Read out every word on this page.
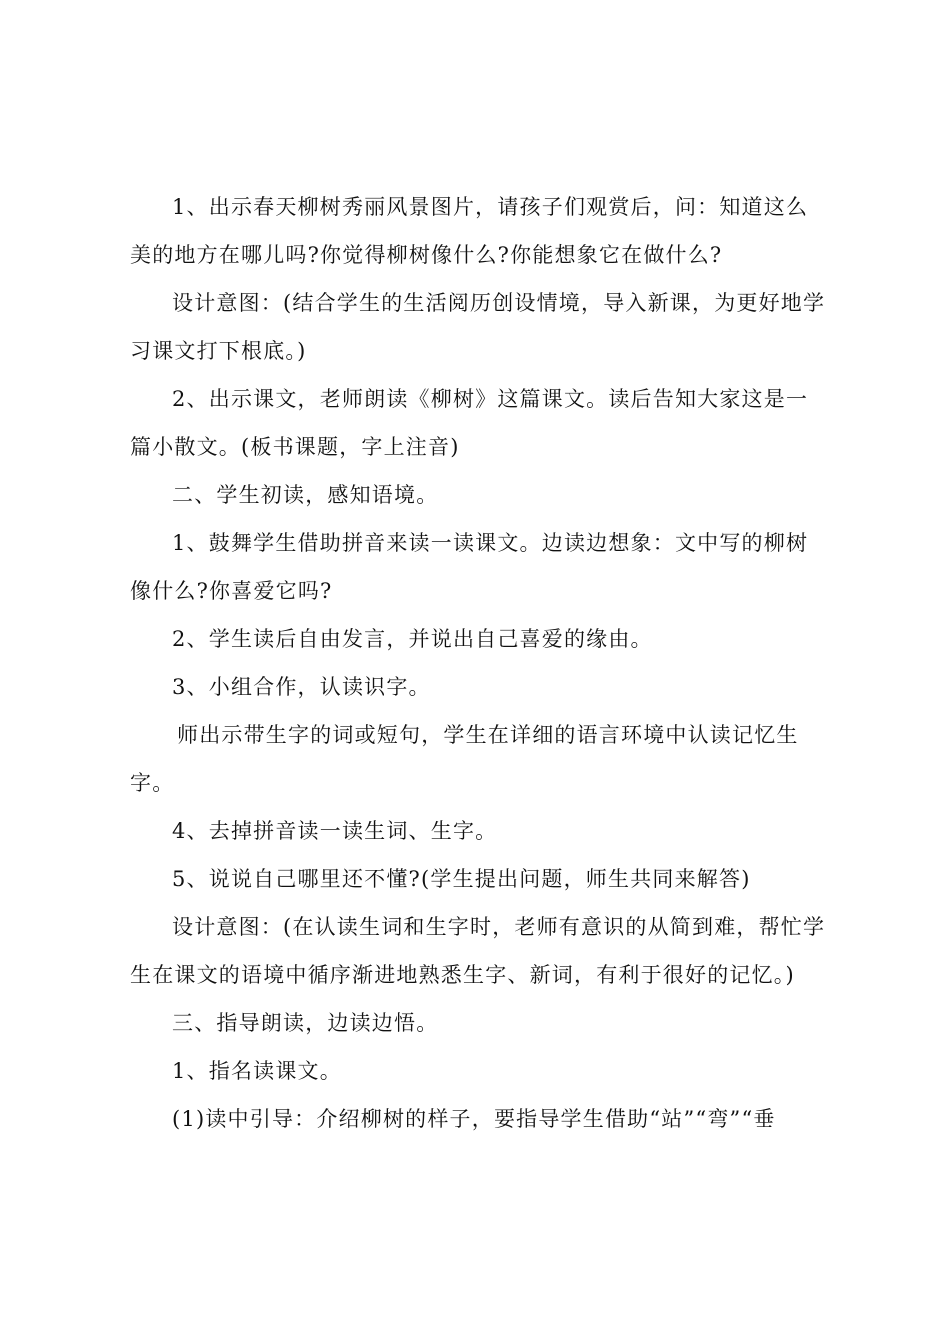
1、出示春天柳树秀丽风景图片，请孩子们观赏后，问：知道这么美的地方在哪儿吗?你觉得柳树像什么?你能想象它在做什么?

设计意图：(结合学生的生活阅历创设情境，导入新课，为更好地学习课文打下根底。)

2、出示课文，老师朗读《柳树》这篇课文。读后告知大家这是一篇小散文。(板书课题，字上注音)

二、学生初读，感知语境。

1、鼓舞学生借助拼音来读一读课文。边读边想象：文中写的柳树像什么?你喜爱它吗?

2、学生读后自由发言，并说出自己喜爱的缘由。

3、小组合作，认读识字。

师出示带生字的词或短句，学生在详细的语言环境中认读记忆生字。

4、去掉拼音读一读生词、生字。

5、说说自己哪里还不懂?(学生提出问题，师生共同来解答)

设计意图：(在认读生词和生字时，老师有意识的从简到难，帮忙学生在课文的语境中循序渐进地熟悉生字、新词，有利于很好的记忆。)

三、指导朗读，边读边悟。

1、指名读课文。

(1)读中引导：介绍柳树的样子，要指导学生借助“站”“弯”“垂
